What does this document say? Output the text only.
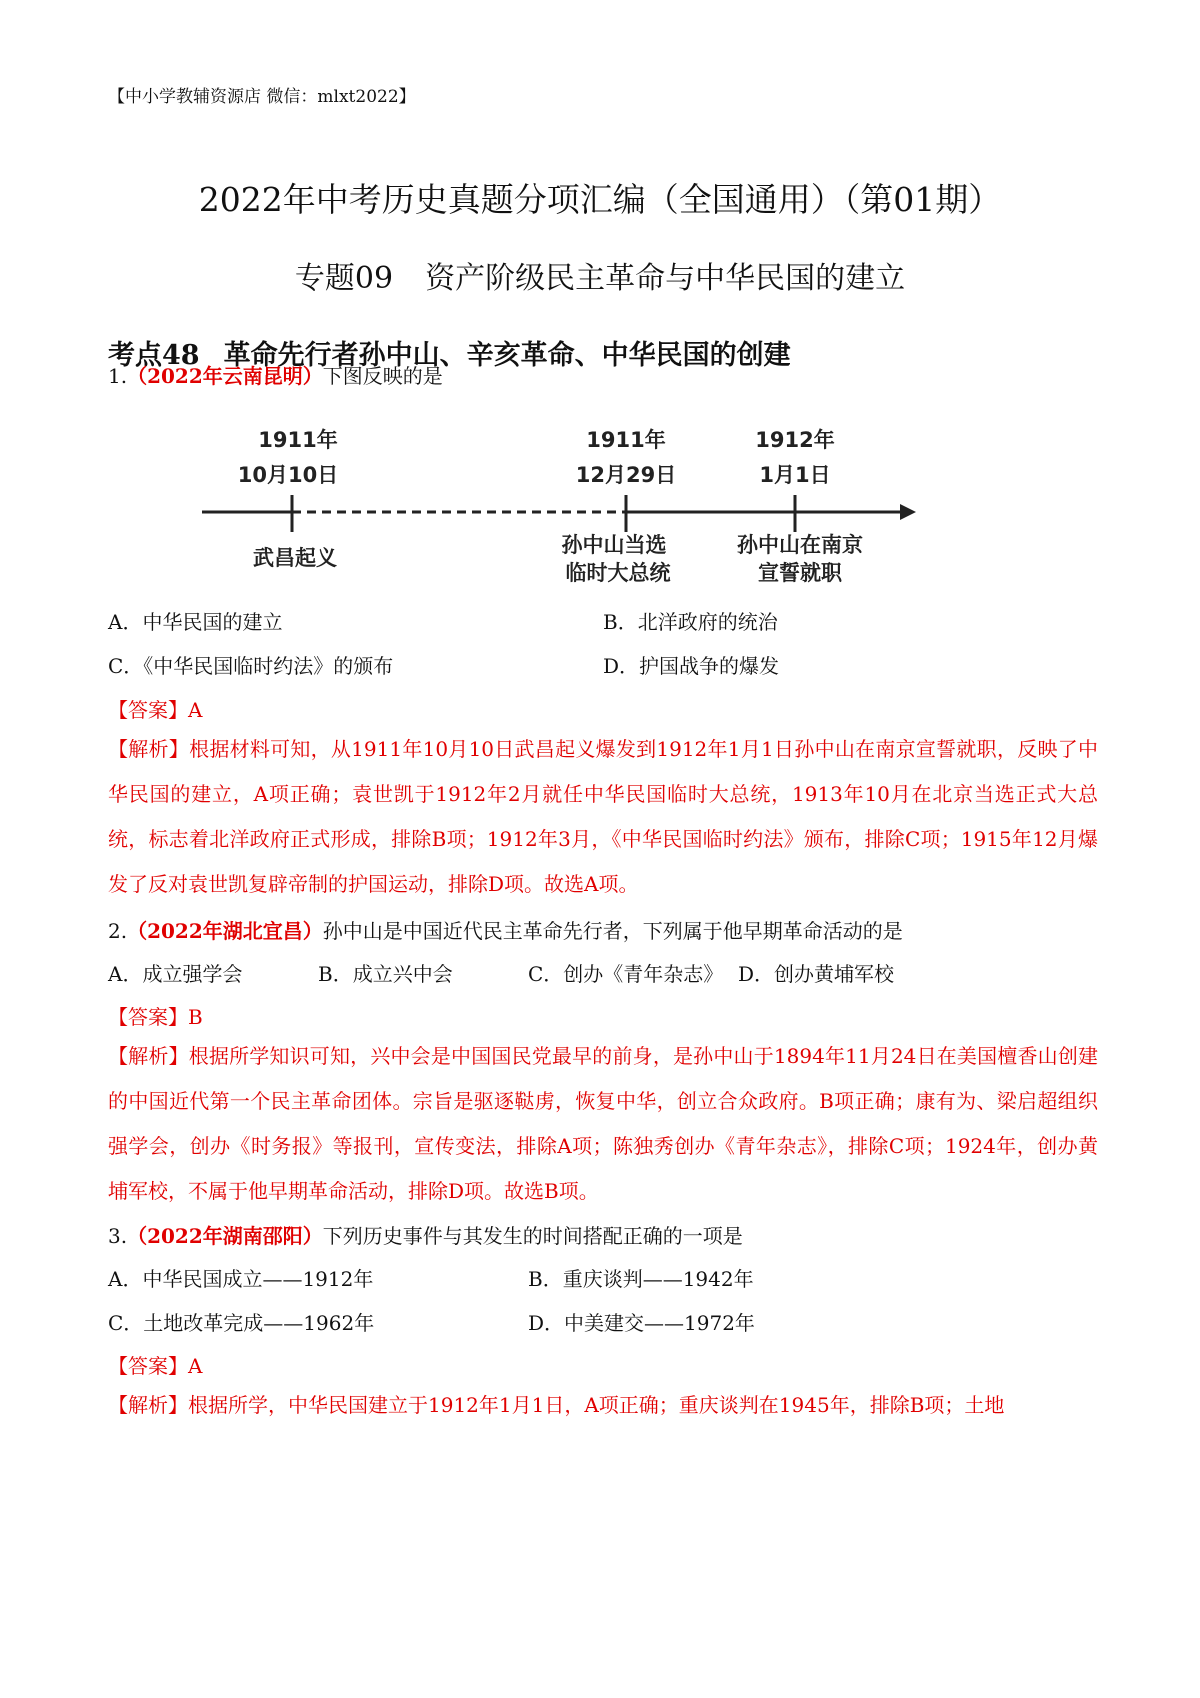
【中小学教辅资源店 微信：mlxt2022】
2022年中考历史真题分项汇编（全国通用）（第01期）
专题09 资产阶级民主革命与中华民国的建立
考点48 革命先行者孙中山、辛亥革命、中华民国的创建
1.（2022年云南昆明）下图反映的是
1911年
10月10日
武昌起义
1911年
12月29日
孙中山当选
临时大总统
1912年
1月1日
孙中山在南京
宣誓就职
A．中华民国的建立	B．北洋政府的统治
C．《中华民国临时约法》的颁布	D．护国战争的爆发
【答案】A
【解析】根据材料可知，从1911年10月10日武昌起义爆发到1912年1月1日孙中山在南京宣誓就职，反映了中华民国的建立，A项正确；袁世凯于1912年2月就任中华民国临时大总统，1913年10月在北京当选正式大总统，标志着北洋政府正式形成，排除B项；1912年3月，《中华民国临时约法》颁布，排除C项；1915年12月爆发了反对袁世凯复辟帝制的护国运动，排除D项。故选A项。
2.（2022年湖北宜昌）孙中山是中国近代民主革命先行者，下列属于他早期革命活动的是
A．成立强学会	B．成立兴中会	C．创办《青年杂志》 D．创办黄埔军校
【答案】B
【解析】根据所学知识可知，兴中会是中国国民党最早的前身，是孙中山于1894年11月24日在美国檀香山创建的中国近代第一个民主革命团体。宗旨是驱逐鞑虏，恢复中华，创立合众政府。B项正确；康有为、梁启超组织强学会，创办《时务报》等报刊，宣传变法，排除A项；陈独秀创办《青年杂志》，排除C项；1924年，创办黄埔军校，不属于他早期革命活动，排除D项。故选B项。
3.（2022年湖南邵阳）下列历史事件与其发生的时间搭配正确的一项是
A．中华民国成立——1912年	B．重庆谈判——1942年
C．土地改革完成——1962年	D．中美建交——1972年
【答案】A
【解析】根据所学，中华民国建立于1912年1月1日，A项正确；重庆谈判在1945年，排除B项；土地
